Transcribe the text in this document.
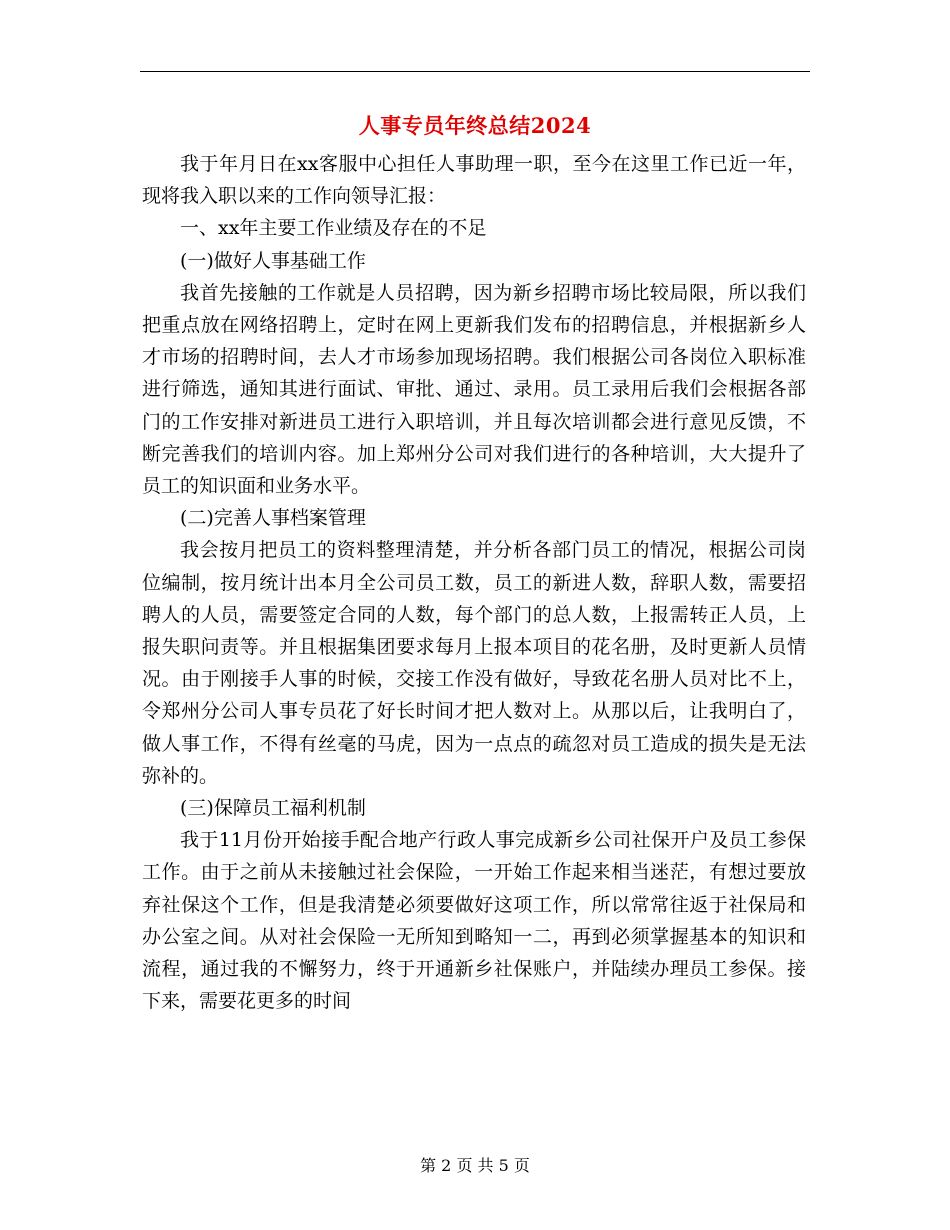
人事专员年终总结2024

我于年月日在xx客服中心担任人事助理一职，至今在这里工作已近一年，现将我入职以来的工作向领导汇报：

一、xx年主要工作业绩及存在的不足

(一)做好人事基础工作

我首先接触的工作就是人员招聘，因为新乡招聘市场比较局限，所以我们把重点放在网络招聘上，定时在网上更新我们发布的招聘信息，并根据新乡人才市场的招聘时间，去人才市场参加现场招聘。我们根据公司各岗位入职标准进行筛选，通知其进行面试、审批、通过、录用。员工录用后我们会根据各部门的工作安排对新进员工进行入职培训，并且每次培训都会进行意见反馈，不断完善我们的培训内容。加上郑州分公司对我们进行的各种培训，大大提升了员工的知识面和业务水平。

(二)完善人事档案管理

我会按月把员工的资料整理清楚，并分析各部门员工的情况，根据公司岗位编制，按月统计出本月全公司员工数，员工的新进人数，辞职人数，需要招聘人的人员，需要签定合同的人数，每个部门的总人数，上报需转正人员，上报失职问责等。并且根据集团要求每月上报本项目的花名册，及时更新人员情况。由于刚接手人事的时候，交接工作没有做好，导致花名册人员对比不上，令郑州分公司人事专员花了好长时间才把人数对上。从那以后，让我明白了，做人事工作，不得有丝毫的马虎，因为一点点的疏忽对员工造成的损失是无法弥补的。

(三)保障员工福利机制

我于11月份开始接手配合地产行政人事完成新乡公司社保开户及员工参保工作。由于之前从未接触过社会保险，一开始工作起来相当迷茫，有想过要放弃社保这个工作，但是我清楚必须要做好这项工作，所以常常往返于社保局和办公室之间。从对社会保险一无所知到略知一二，再到必须掌握基本的知识和流程，通过我的不懈努力，终于开通新乡社保账户，并陆续办理员工参保。接下来，需要花更多的时间

第 2 页 共 5 页
